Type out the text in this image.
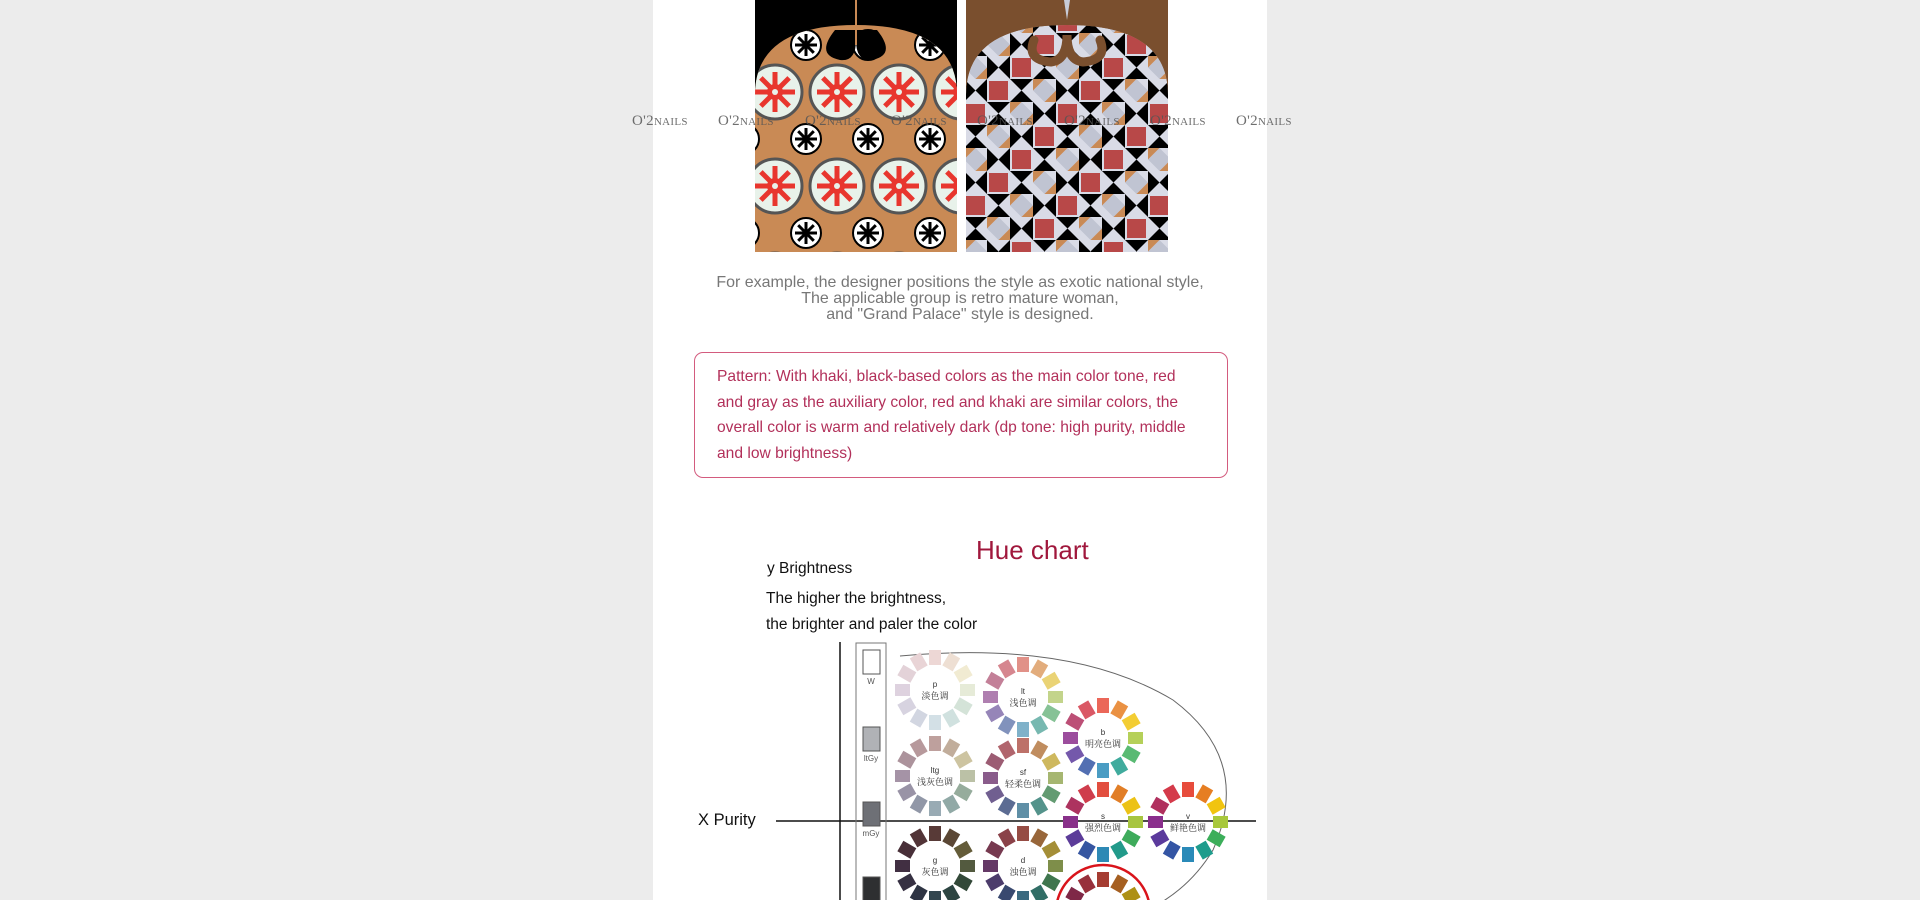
For example, the designer positions the style as exotic national style,
The applicable group is retro mature woman,
and "Grand Palace" style is designed.
Pattern: With khaki, black-based colors as the main color tone, red and gray as the auxiliary color, red and khaki are similar colors, the overall color is warm and relatively dark (dp tone: high purity, middle and low brightness)
W
ltGy
mGy
p
淡色调
lt
浅色调
b
明亮色调
ltg
浅灰色调
sf
轻柔色调
s
强烈色调
v
鲜艳色调
g
灰色调
d
浊色调
Hue chart
y Brightness
The higher the brightness,
the brighter and paler the color
X Purity
O'2NAILS O'2NAILS O'2NAILS O'2NAILS O'2NAILS O'2NAILS O'2NAILS O'2NAILS
